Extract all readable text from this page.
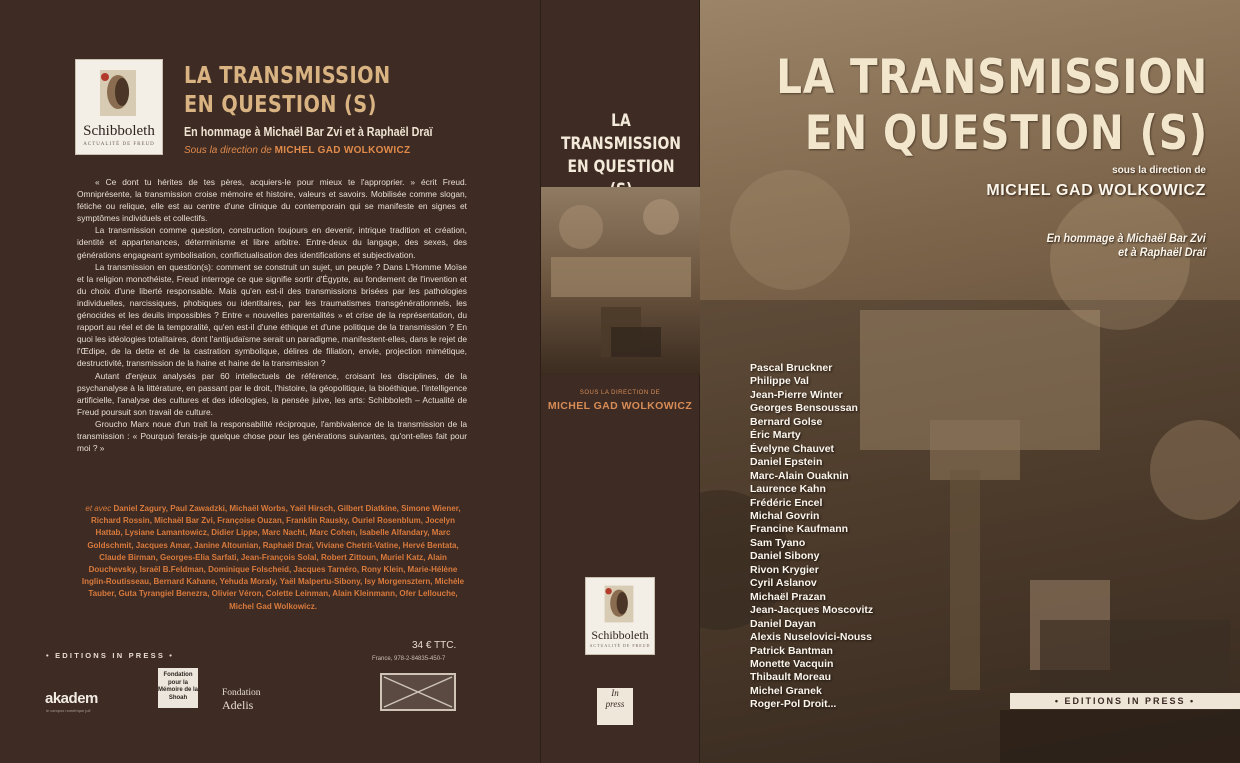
Schibboleth
ACTUALITÉ DE FREUD
LA TRANSMISSION
EN QUESTION (S)
En hommage à Michaël Bar Zvi et à Raphaël Draï
Sous la direction de MICHEL GAD WOLKOWICZ

« Ce dont tu hérites de tes pères, acquiers-le pour mieux te l'approprier. » écrit Freud. Omniprésente, la transmission croise mémoire et histoire, valeurs et savoirs. Mobilisée comme slogan, fétiche ou relique, elle est au centre d'une clinique du contemporain qui se manifeste en signes et symptômes individuels et collectifs.

La transmission comme question, construction toujours en devenir, intrique tradition et création, identité et appartenances, déterminisme et libre arbitre. Entre-deux du langage, des sexes, des générations engageant symbolisation, conflictualisation des identifications et subjectivation.

La transmission en question(s): comment se construit un sujet, un peuple ? Dans L'Homme Moïse et la religion monothéiste, Freud interroge ce que signifie sortir d'Égypte, au fondement de l'invention et du choix d'une liberté responsable. Mais qu'en est-il des transmissions brisées par les pathologies individuelles, narcissiques, phobiques ou identitaires, par les traumatismes transgénérationnels, les génocides et les deuils impossibles ? Entre « nouvelles parentalités » et crise de la représentation, du rapport au réel et de la temporalité, qu'en est-il d'une éthique et d'une politique de la transmission ? En quoi les idéologies totalitaires, dont l'antijudaïsme serait un paradigme, manifestent-elles, dans le rejet de l'Œdipe, de la dette et de la castration symbolique, délires de filiation, envie, projection mimétique, destructivité, transmission de la haine et haine de la transmission ?

Autant d'enjeux analysés par 60 intellectuels de référence, croisant les disciplines, de la psychanalyse à la littérature, en passant par le droit, l'histoire, la géopolitique, la bioéthique, l'intelligence artificielle, l'analyse des cultures et des idéologies, la pensée juive, les arts: Schibboleth – Actualité de Freud poursuit son travail de culture.

Groucho Marx noue d'un trait la responsabilité réciproque, l'ambivalence de la transmission de la transmission : « Pourquoi ferais-je quelque chose pour les générations suivantes, qu'ont-elles fait pour moi ? »

et avec Daniel Zagury, Paul Zawadzki, Michaël Worbs, Yaël Hirsch, Gilbert Diatkine, Simone Wiener, Richard Rossin, Michaël Bar Zvi, Françoise Ouzan, Franklin Rausky, Ouriel Rosenblum, Jocelyn Hattab, Lysiane Lamantowicz, Didier Lippe, Marc Nacht, Marc Cohen, Isabelle Alfandary, Marc Goldschmit, Jacques Amar, Janine Altounian, Raphaël Draï, Viviane Chetrit-Vatine, Hervé Bentata, Claude Birman, Georges-Elia Sarfati, Jean-François Solal, Robert Zittoun, Muriel Katz, Alain Douchevsky, Israël B.Feldman, Dominique Folscheid, Jacques Tarnéro, Rony Klein, Marie-Hélène Inglin-Routisseau, Bernard Kahane, Yehuda Moraly, Yaël Malpertu-Sibony, Isy Morgensztern, Michèle Tauber, Guta Tyrangiel Benezra, Olivier Véron, Colette Leinman, Alain Kleinmann, Ofer Lellouche, Michel Gad Wolkowicz.
• EDITIONS IN PRESS •
34 € TTC.
France, 978-2-84835-450-7
akadem
le campus numérique juif
Fondation pour la Mémoire de la Shoah	Fondation
Adelis
LA TRANSMISSION
EN QUESTION
SOUS LA DIRECTION DE
MICHEL GAD WOLKOWICZ
Schibboleth
ACTUALITÉ DE FREUD
In
press
LA TRANSMISSION
EN QUESTION (S)
sous la direction de
MICHEL GAD WOLKOWICZ
En hommage à Michaël Bar Zvi
et à Raphaël Draï
Pascal Bruckner
Philippe Val
Jean-Pierre Winter
Georges Bensoussan
Bernard Golse
Éric Marty
Évelyne Chauvet
Daniel Epstein
Marc-Alain Ouaknin
Laurence Kahn
Frédéric Encel
Michal Govrin
Francine Kaufmann
Sam Tyano
Daniel Sibony
Rivon Krygier
Cyril Aslanov
Michaël Prazan
Jean-Jacques Moscovitz
Daniel Dayan
Alexis Nuselovici-Nouss
Patrick Bantman
Monette Vacquin
Thibault Moreau
Michel Granek
Roger-Pol Droit...	• EDITIONS IN PRESS •
